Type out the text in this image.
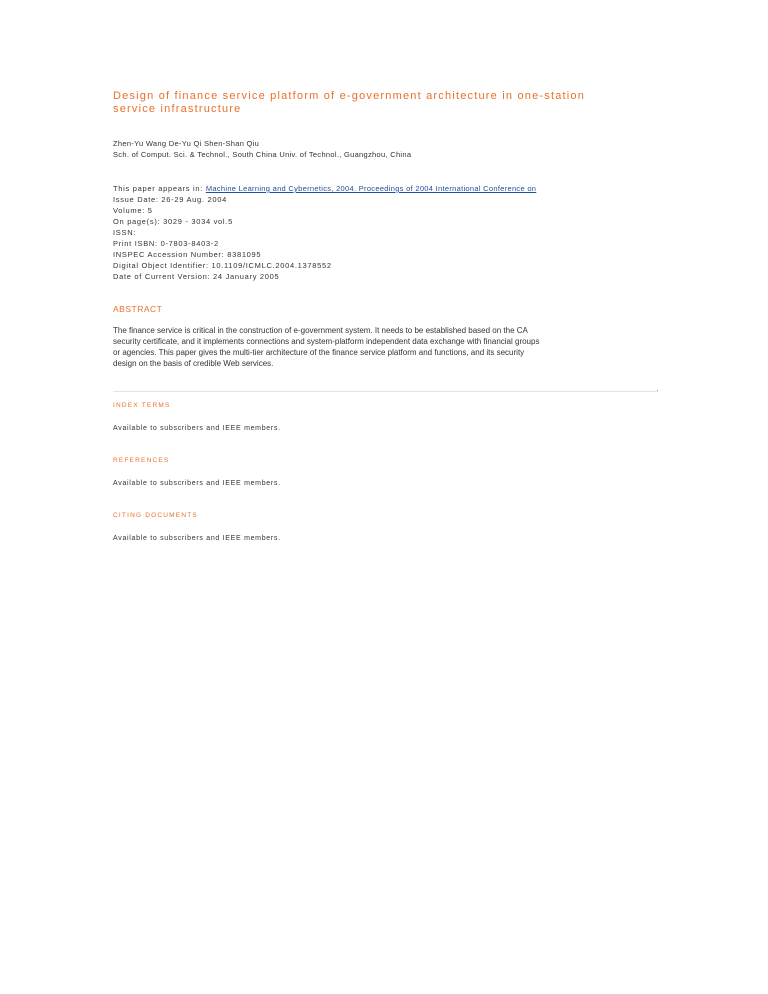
Design of finance service platform of e-government architecture in one-station
service infrastructure
Zhen-Yu Wang De-Yu Qi Shen-Shan Qiu
Sch. of Comput. Sci. & Technol., South China Univ. of Technol., Guangzhou, China
This paper appears in: Machine Learning and Cybernetics, 2004. Proceedings of 2004 International Conference on
Issue Date: 26-29 Aug. 2004
Volume: 5
On page(s): 3029 - 3034 vol.5
ISSN:
Print ISBN: 0-7803-8403-2
INSPEC Accession Number: 8381095
Digital Object Identifier: 10.1109/ICMLC.2004.1378552
Date of Current Version: 24 January 2005
ABSTRACT
The finance service is critical in the construction of e-government system. It needs to be established based on the CA
security certificate, and it implements connections and system-platform independent data exchange with financial groups
or agencies. This paper gives the multi-tier architecture of the finance service platform and functions, and its security
design on the basis of credible Web services.
INDEX TERMS
Available to subscribers and IEEE members.
REFERENCES
Available to subscribers and IEEE members.
CITING DOCUMENTS
Available to subscribers and IEEE members.
